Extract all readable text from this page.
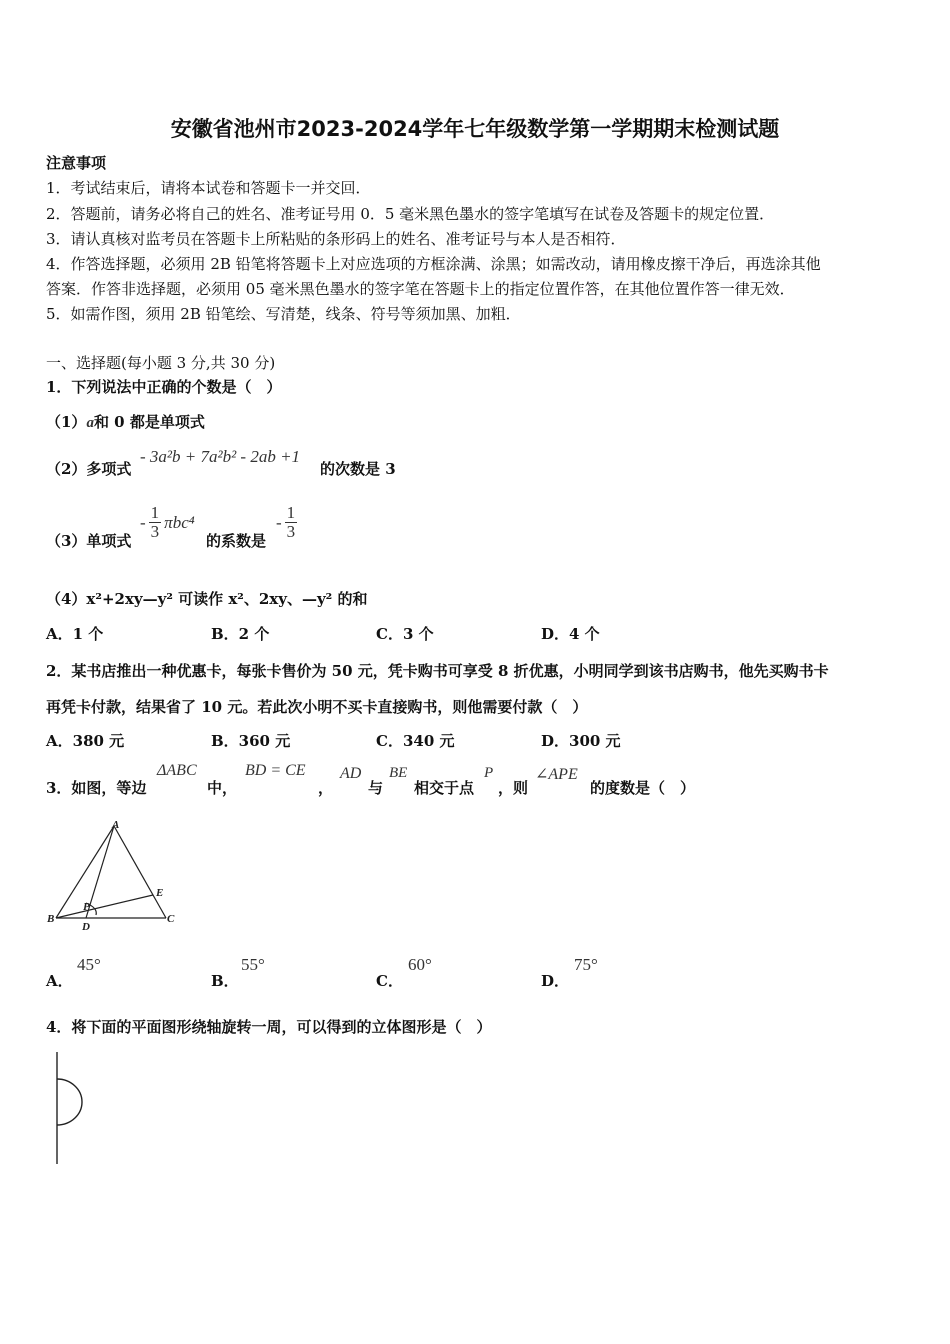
安徽省池州市2023-2024学年七年级数学第一学期期末检测试题
注意事项
1．考试结束后，请将本试卷和答题卡一并交回．
2．答题前，请务必将自己的姓名、准考证号用 0．5 毫米黑色墨水的签字笔填写在试卷及答题卡的规定位置．
3．请认真核对监考员在答题卡上所粘贴的条形码上的姓名、准考证号与本人是否相符．
4．作答选择题，必须用 2B 铅笔将答题卡上对应选项的方框涂满、涂黑；如需改动，请用橡皮擦干净后，再选涂其他
答案．作答非选择题，必须用 05 毫米黑色墨水的签字笔在答题卡上的指定位置作答，在其他位置作答一律无效．
5．如需作图，须用 2B 铅笔绘、写清楚，线条、符号等须加黑、加粗．
一、选择题(每小题 3 分,共 30 分)
1．下列说法中正确的个数是（　）
（1）a和 0 都是单项式
（2）多项式
- 3a²b + 7a²b² - 2ab +1
的次数是 3
（3）单项式
- $\frac{1}{3} \pi bc^4$
的系数是
- $\frac{1}{3}$
（4）x²+2xy—y² 可读作 x²、2xy、—y² 的和
A．1 个	B．2 个	C．3 个	D．4 个
2．某书店推出一种优惠卡，每张卡售价为 50 元，凭卡购书可享受 8 折优惠，小明同学到该书店购书，他先买购书卡
再凭卡付款，结果省了 10 元。若此次小明不买卡直接购书，则他需要付款（　）
A．380 元	B．360 元	C．340 元	D．300 元
3．如图，等边
ΔABC
中，
BD = CE
，
AD
与
BE
相交于点
P
，则
∠APE
的度数是（　）
A
E
P
B
D
C
A．
45°
B．
55°
C．
60°
D．
75°
4．将下面的平面图形绕轴旋转一周，可以得到的立体图形是（　）
